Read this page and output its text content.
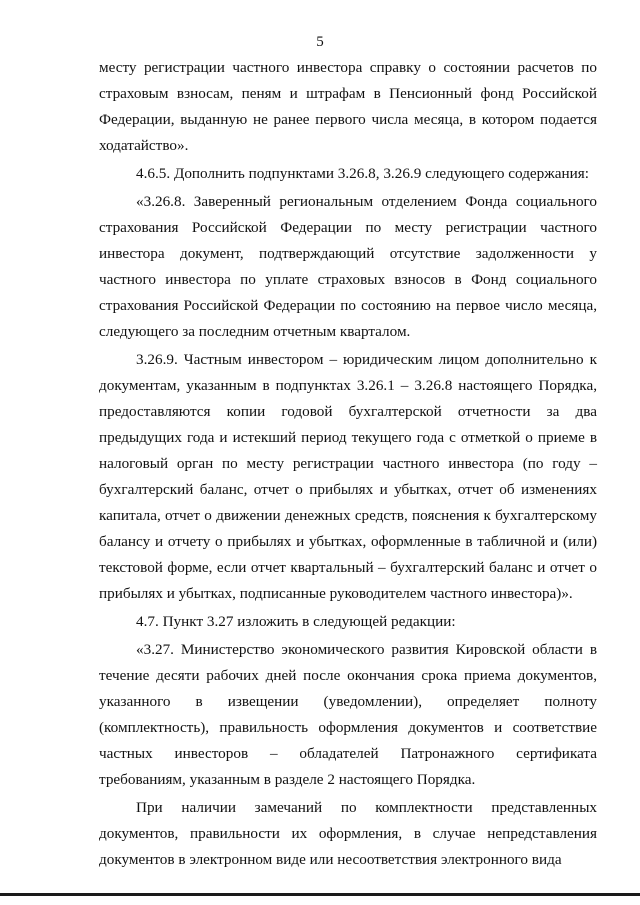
5

месту регистрации частного инвестора справку о состоянии расчетов по страховым взносам, пеням и штрафам в Пенсионный фонд Российской Федерации, выданную не ранее первого числа месяца, в котором подается ходатайство».

4.6.5. Дополнить подпунктами 3.26.8, 3.26.9 следующего содержания:

«3.26.8. Заверенный региональным отделением Фонда социального страхования Российской Федерации по месту регистрации частного инвестора документ, подтверждающий отсутствие задолженности у частного инвестора по уплате страховых взносов в Фонд социального страхования Российской Федерации по состоянию на первое число месяца, следующего за последним отчетным кварталом.

3.26.9. Частным инвестором – юридическим лицом дополнительно к документам, указанным в подпунктах 3.26.1 – 3.26.8 настоящего Порядка, предоставляются копии годовой бухгалтерской отчетности за два предыдущих года и истекший период текущего года с отметкой о приеме в налоговый орган по месту регистрации частного инвестора (по году – бухгалтерский баланс, отчет о прибылях и убытках, отчет об изменениях капитала, отчет о движении денежных средств, пояснения к бухгалтерскому балансу и отчету о прибылях и убытках, оформленные в табличной и (или) текстовой форме, если отчет квартальный – бухгалтерский баланс и отчет о прибылях и убытках, подписанные руководителем частного инвестора)».

4.7. Пункт 3.27 изложить в следующей редакции:

«3.27. Министерство экономического развития Кировской области в течение десяти рабочих дней после окончания срока приема документов, указанного в извещении (уведомлении), определяет полноту (комплектность), правильность оформления документов и соответствие частных инвесторов – обладателей Патронажного сертификата требованиям, указанным в разделе 2 настоящего Порядка.

При наличии замечаний по комплектности представленных документов, правильности их оформления, в случае непредставления документов в электронном виде или несоответствия электронного вида
